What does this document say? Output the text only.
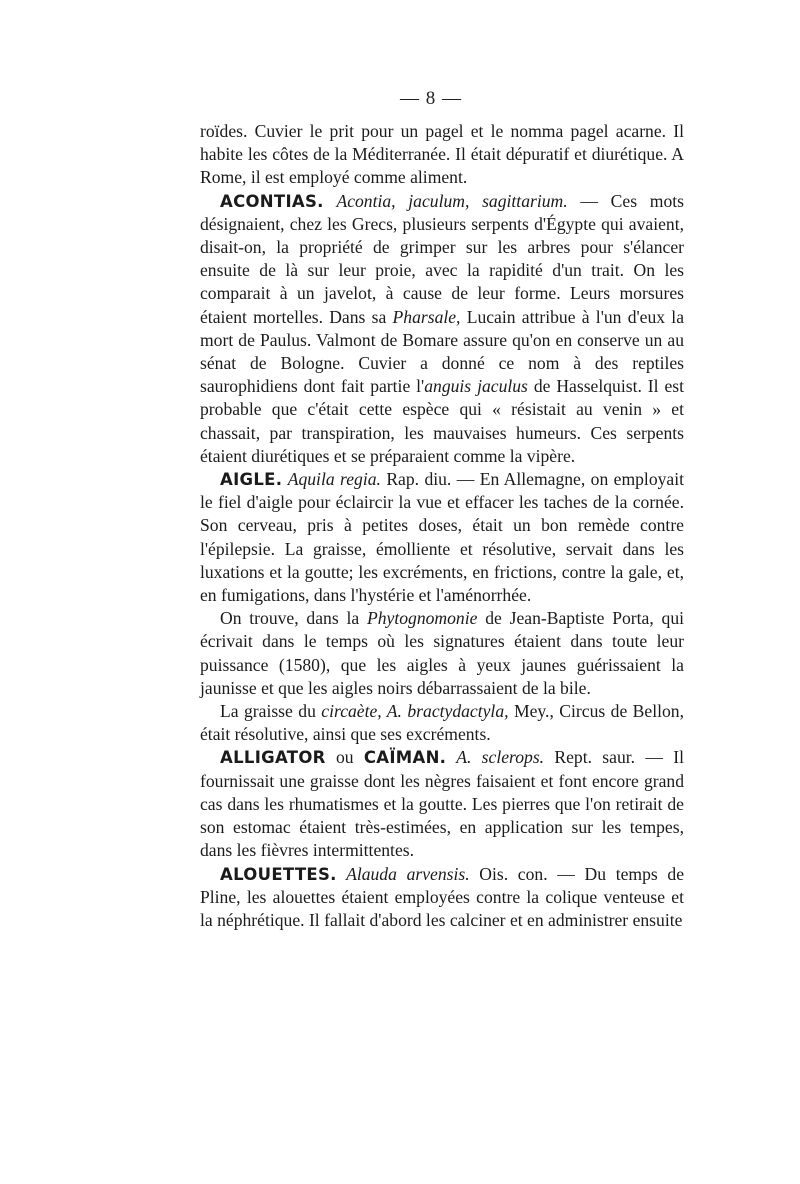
— 8 —

roïdes. Cuvier le prit pour un pagel et le nomma pagel acarne. Il habite les côtes de la Méditerranée. Il était dépuratif et diurétique. A Rome, il est employé comme aliment.

ACONTIAS. Acontia, jaculum, sagittarium. — Ces mots désignaient, chez les Grecs, plusieurs serpents d'Égypte qui avaient, disait-on, la propriété de grimper sur les arbres pour s'élancer ensuite de là sur leur proie, avec la rapidité d'un trait. On les comparait à un javelot, à cause de leur forme. Leurs morsures étaient mortelles. Dans sa Pharsale, Lucain attribue à l'un d'eux la mort de Paulus. Valmont de Bomare assure qu'on en conserve un au sénat de Bologne. Cuvier a donné ce nom à des reptiles saurophidiens dont fait partie l'anguis jaculus de Hasselquist. Il est probable que c'était cette espèce qui « résistait au venin » et chassait, par transpiration, les mauvaises humeurs. Ces serpents étaient diurétiques et se préparaient comme la vipère.

AIGLE. Aquila regia. Rap. diu. — En Allemagne, on employait le fiel d'aigle pour éclaircir la vue et effacer les taches de la cornée. Son cerveau, pris à petites doses, était un bon remède contre l'épilepsie. La graisse, émolliente et résolutive, servait dans les luxations et la goutte; les excréments, en frictions, contre la gale, et, en fumigations, dans l'hystérie et l'aménorrhée.

On trouve, dans la Phytognomonie de Jean-Baptiste Porta, qui écrivait dans le temps où les signatures étaient dans toute leur puissance (1580), que les aigles à yeux jaunes guérissaient la jaunisse et que les aigles noirs débarrassaient de la bile.

La graisse du circaète, A. bractydactyla, Mey., Circus de Bellon, était résolutive, ainsi que ses excréments.

ALLIGATOR ou CAÏMAN. A. sclerops. Rept. saur. — Il fournissait une graisse dont les nègres faisaient et font encore grand cas dans les rhumatismes et la goutte. Les pierres que l'on retirait de son estomac étaient très-estimées, en application sur les tempes, dans les fièvres intermittentes.

ALOUETTES. Alauda arvensis. Ois. con. — Du temps de Pline, les alouettes étaient employées contre la colique venteuse et la néphrétique. Il fallait d'abord les calciner et en administrer ensuite
